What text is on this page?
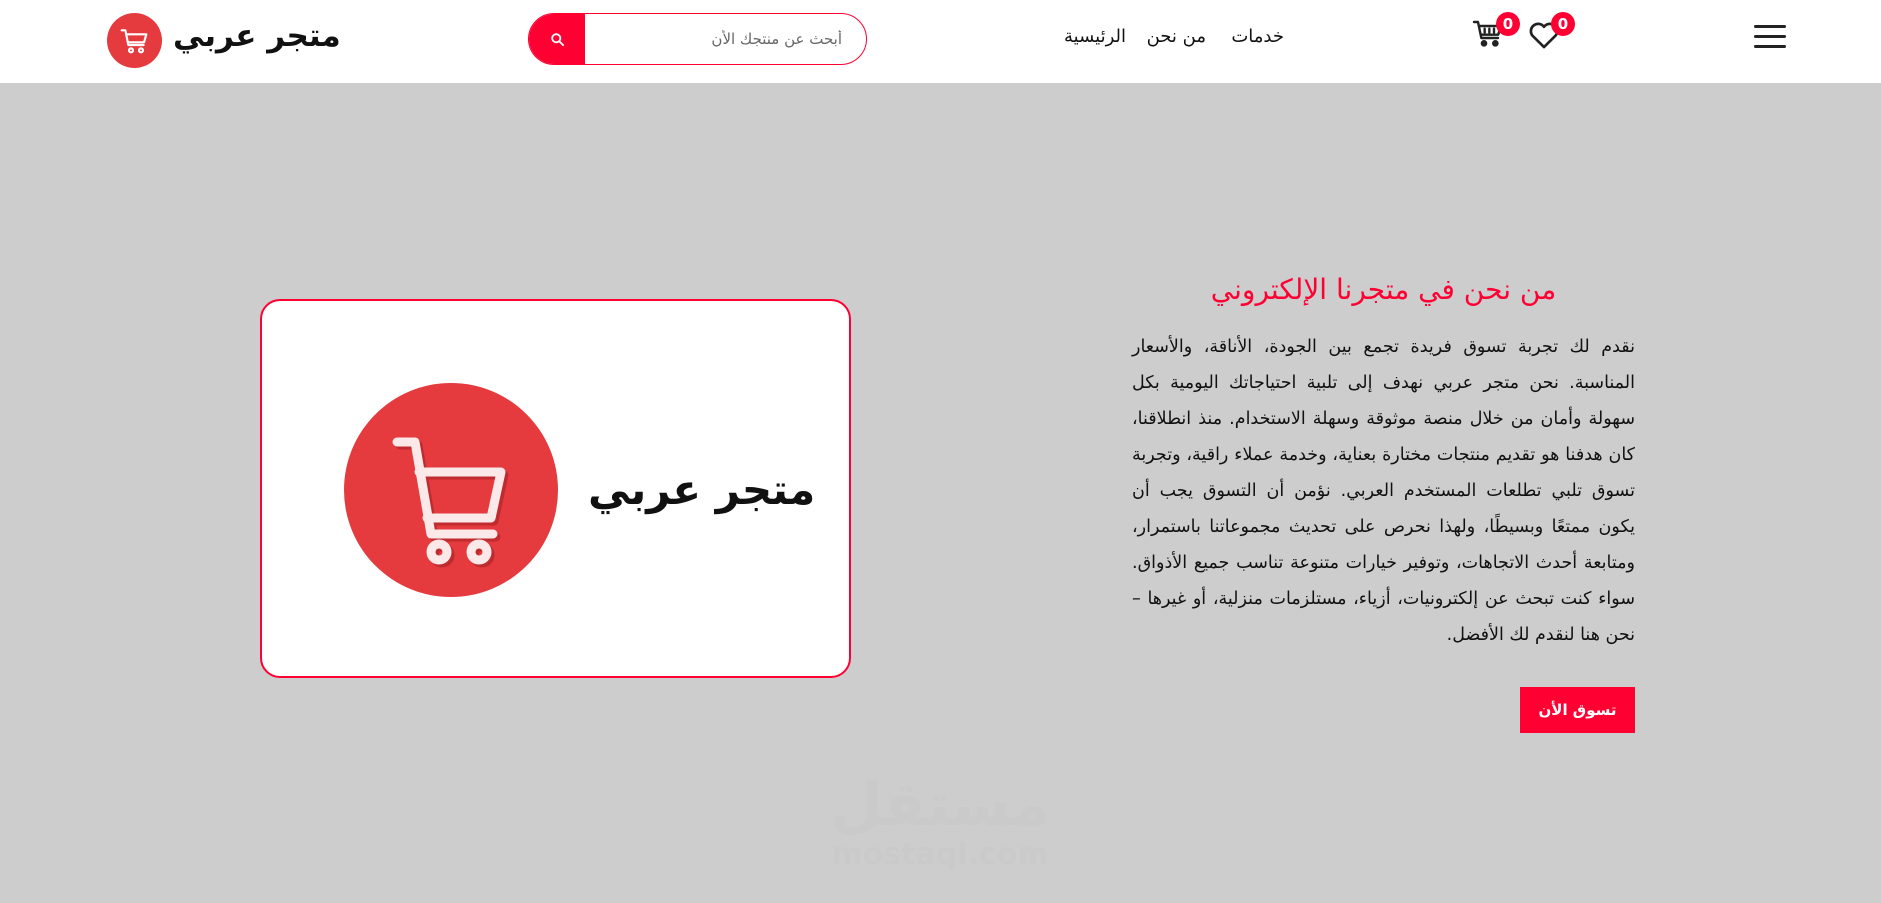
0
0
خدمات
من نحن
الرئيسية
أبحث عن منتجك الأن
متجر عربي
متجر عربي
من نحن في متجرنا الإلكتروني

نقدم لك تجربة تسوق فريدة تجمع بين الجودة، الأناقة، والأسعار المناسبة. نحن متجر عربي نهدف إلى تلبية احتياجاتك اليومية بكل سهولة وأمان من خلال منصة موثوقة وسهلة الاستخدام. منذ انطلاقنا، كان هدفنا هو تقديم منتجات مختارة بعناية، وخدمة عملاء راقية، وتجربة تسوق تلبي تطلعات المستخدم العربي. نؤمن أن التسوق يجب أن يكون ممتعًا وبسيطًا، ولهذا نحرص على تحديث مجموعاتنا باستمرار، ومتابعة أحدث الاتجاهات، وتوفير خيارات متنوعة تناسب جميع الأذواق. سواء كنت تبحث عن إلكترونيات، أزياء، مستلزمات منزلية، أو غيرها – نحن هنا لنقدم لك الأفضل.

تسوق الأن
مستقل
mostaql.com
